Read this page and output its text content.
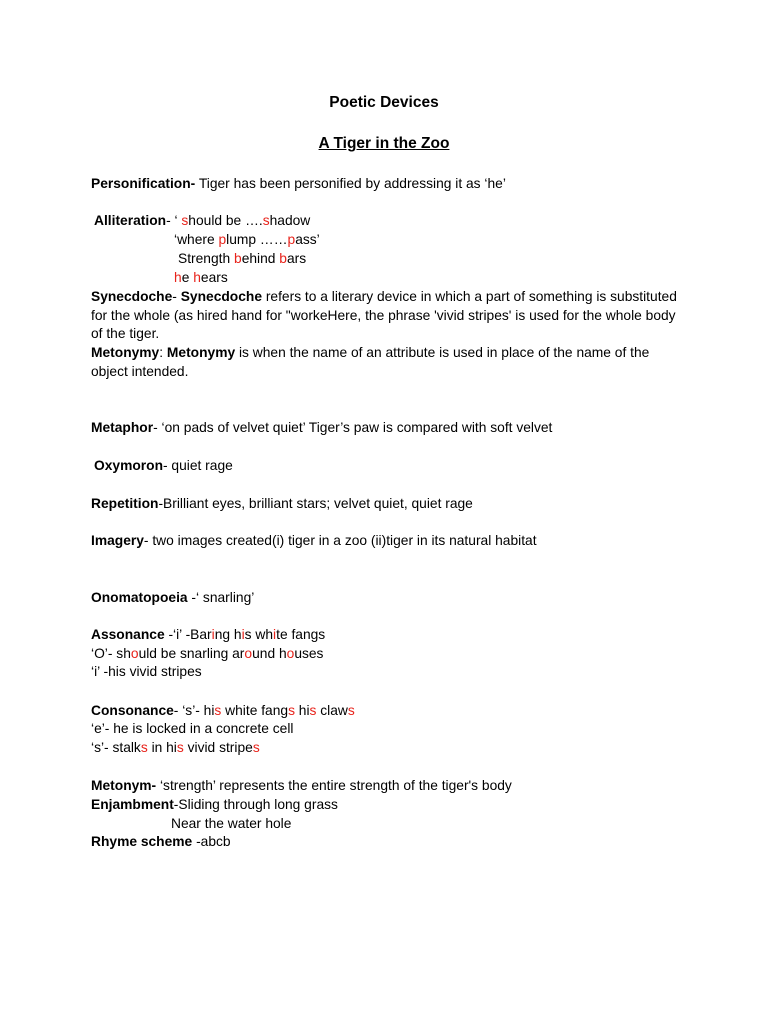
Poetic Devices
A Tiger in the Zoo
Personification- Tiger has been personified by addressing it as ‘he’
Alliteration- ‘ should be ….shadow
‘where plump ……pass’
Strength behind bars
he hears
Synecdoche- Synecdoche refers to a literary device in which a part of something is substituted
for the whole (as hired hand for "workeHere, the phrase 'vivid stripes' is used for the whole body
of the tiger.
Metonymy: Metonymy is when the name of an attribute is used in place of the name of the
object intended.
Metaphor- ‘on pads of velvet quiet’ Tiger’s paw is compared with soft velvet
Oxymoron- quiet rage
Repetition-Brilliant eyes, brilliant stars; velvet quiet, quiet rage
Imagery- two images created(i) tiger in a zoo (ii)tiger in its natural habitat
Onomatopoeia -‘ snarling’
Assonance -‘i’ -Baring his white fangs
‘O’- should be snarling around houses
‘i’ -his vivid stripes
Consonance- ‘s’- his white fangs his claws
‘e’- he is locked in a concrete cell
‘s’- stalks in his vivid stripes
Metonym- ‘strength’ represents the entire strength of the tiger's body
Enjambment-Sliding through long grass
Near the water hole
Rhyme scheme -abcb
